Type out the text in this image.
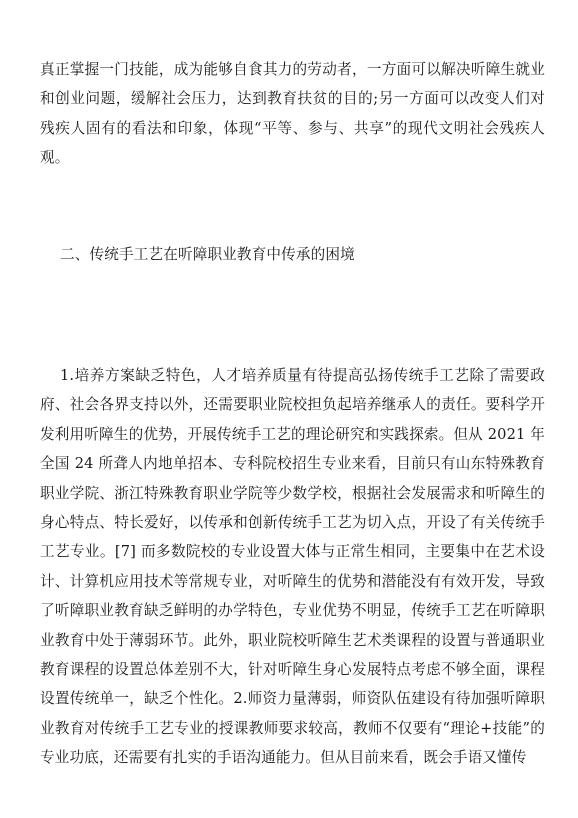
真正掌握一门技能，成为能够自食其力的劳动者，一方面可以解决听障生就业和创业问题，缓解社会压力，达到教育扶贫的目的;另一方面可以改变人们对残疾人固有的看法和印象，体现“平等、参与、共享”的现代文明社会残疾人观。

二、传统手工艺在听障职业教育中传承的困境

1.培养方案缺乏特色，人才培养质量有待提高弘扬传统手工艺除了需要政府、社会各界支持以外，还需要职业院校担负起培养继承人的责任。要科学开发利用听障生的优势，开展传统手工艺的理论研究和实践探索。但从 2021 年全国 24 所聋人内地单招本、专科院校招生专业来看，目前只有山东特殊教育职业学院、浙江特殊教育职业学院等少数学校，根据社会发展需求和听障生的身心特点、特长爱好，以传承和创新传统手工艺为切入点，开设了有关传统手工艺专业。[7] 而多数院校的专业设置大体与正常生相同，主要集中在艺术设计、计算机应用技术等常规专业，对听障生的优势和潜能没有有效开发，导致了听障职业教育缺乏鲜明的办学特色，专业优势不明显，传统手工艺在听障职业教育中处于薄弱环节。此外，职业院校听障生艺术类课程的设置与普通职业教育课程的设置总体差别不大，针对听障生身心发展特点考虑不够全面，课程设置传统单一，缺乏个性化。2.师资力量薄弱，师资队伍建设有待加强听障职业教育对传统手工艺专业的授课教师要求较高，教师不仅要有“理论+技能”的专业功底，还需要有扎实的手语沟通能力。但从目前来看，既会手语又懂传
